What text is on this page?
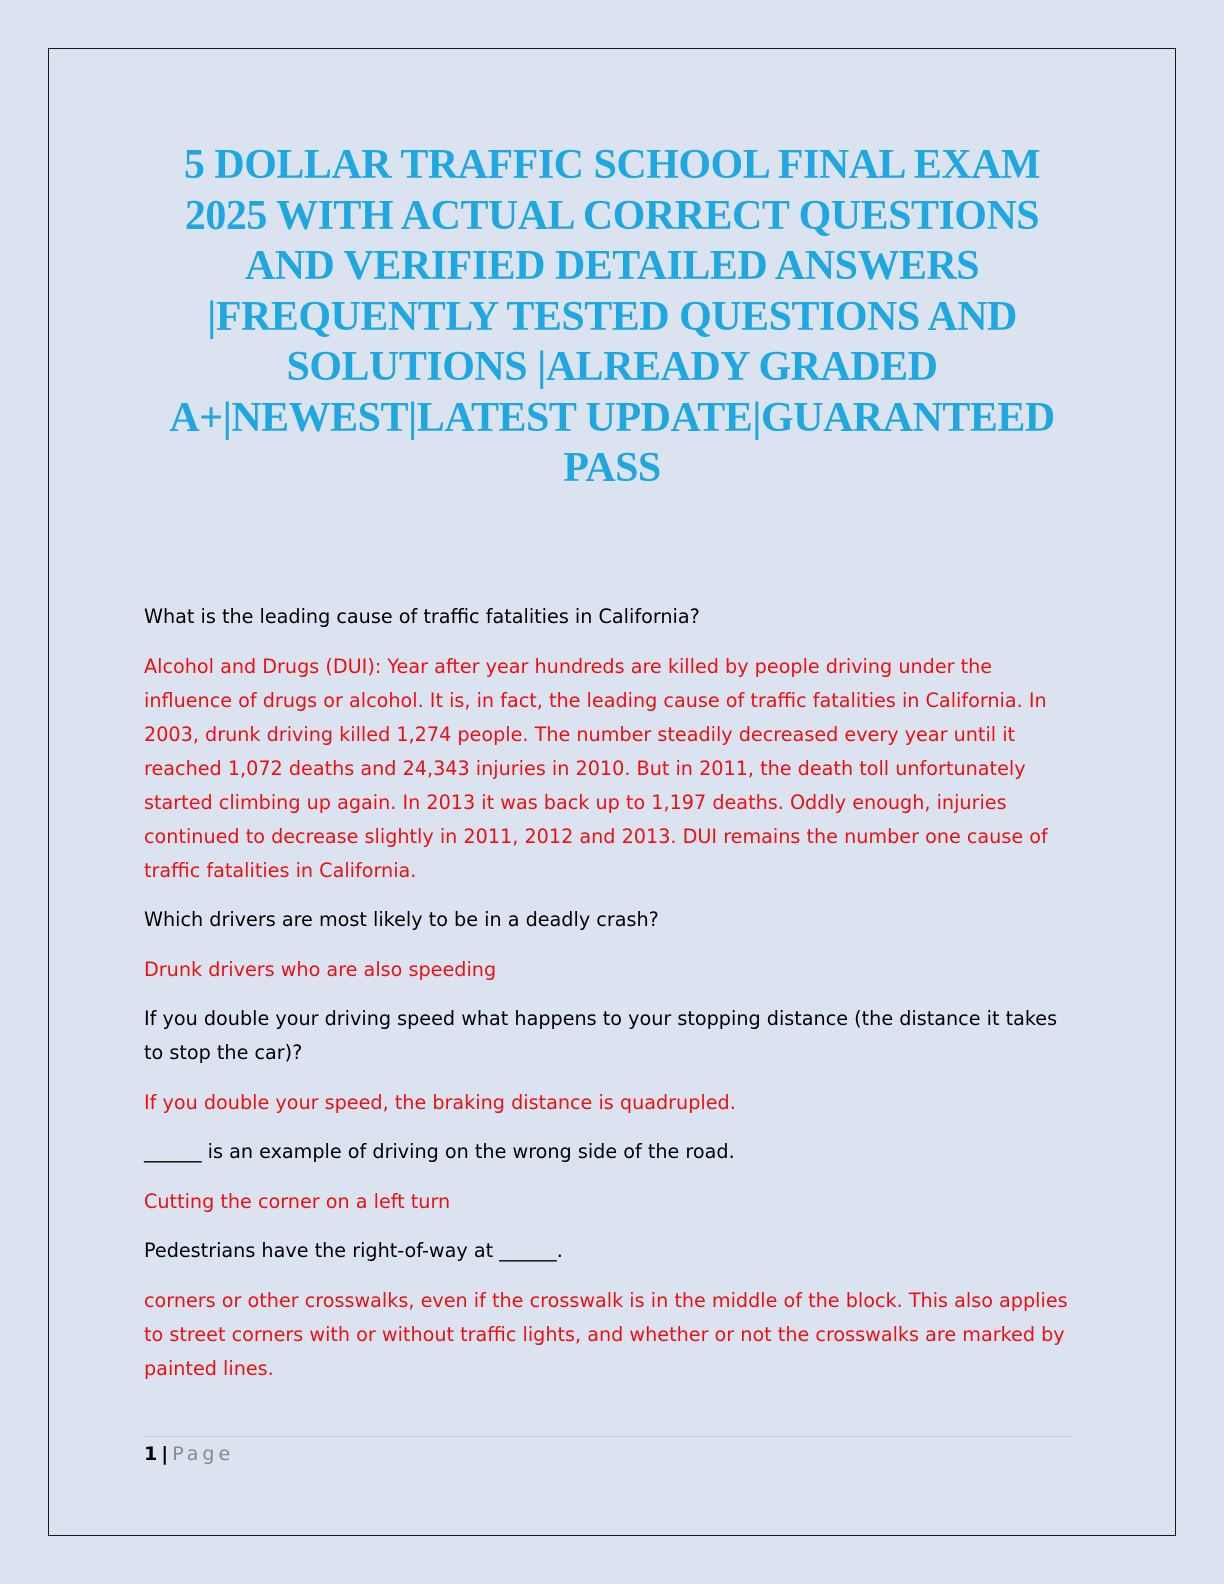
5 DOLLAR TRAFFIC SCHOOL FINAL EXAM
2025 WITH ACTUAL CORRECT QUESTIONS
AND VERIFIED DETAILED ANSWERS
|FREQUENTLY TESTED QUESTIONS AND
SOLUTIONS |ALREADY GRADED
A+|NEWEST|LATEST UPDATE|GUARANTEED
PASS

What is the leading cause of traffic fatalities in California?

Alcohol and Drugs (DUI): Year after year hundreds are killed by people driving under the influence of drugs or alcohol. It is, in fact, the leading cause of traffic fatalities in California. In 2003, drunk driving killed 1,274 people. The number steadily decreased every year until it reached 1,072 deaths and 24,343 injuries in 2010. But in 2011, the death toll unfortunately started climbing up again. In 2013 it was back up to 1,197 deaths. Oddly enough, injuries continued to decrease slightly in 2011, 2012 and 2013. DUI remains the number one cause of traffic fatalities in California.

Which drivers are most likely to be in a deadly crash?

Drunk drivers who are also speeding

If you double your driving speed what happens to your stopping distance (the distance it takes to stop the car)?

If you double your speed, the braking distance is quadrupled.

______ is an example of driving on the wrong side of the road.

Cutting the corner on a left turn

Pedestrians have the right-of-way at ______.

corners or other crosswalks, even if the crosswalk is in the middle of the block. This also applies to street corners with or without traffic lights, and whether or not the crosswalks are marked by painted lines.

1 | Page
